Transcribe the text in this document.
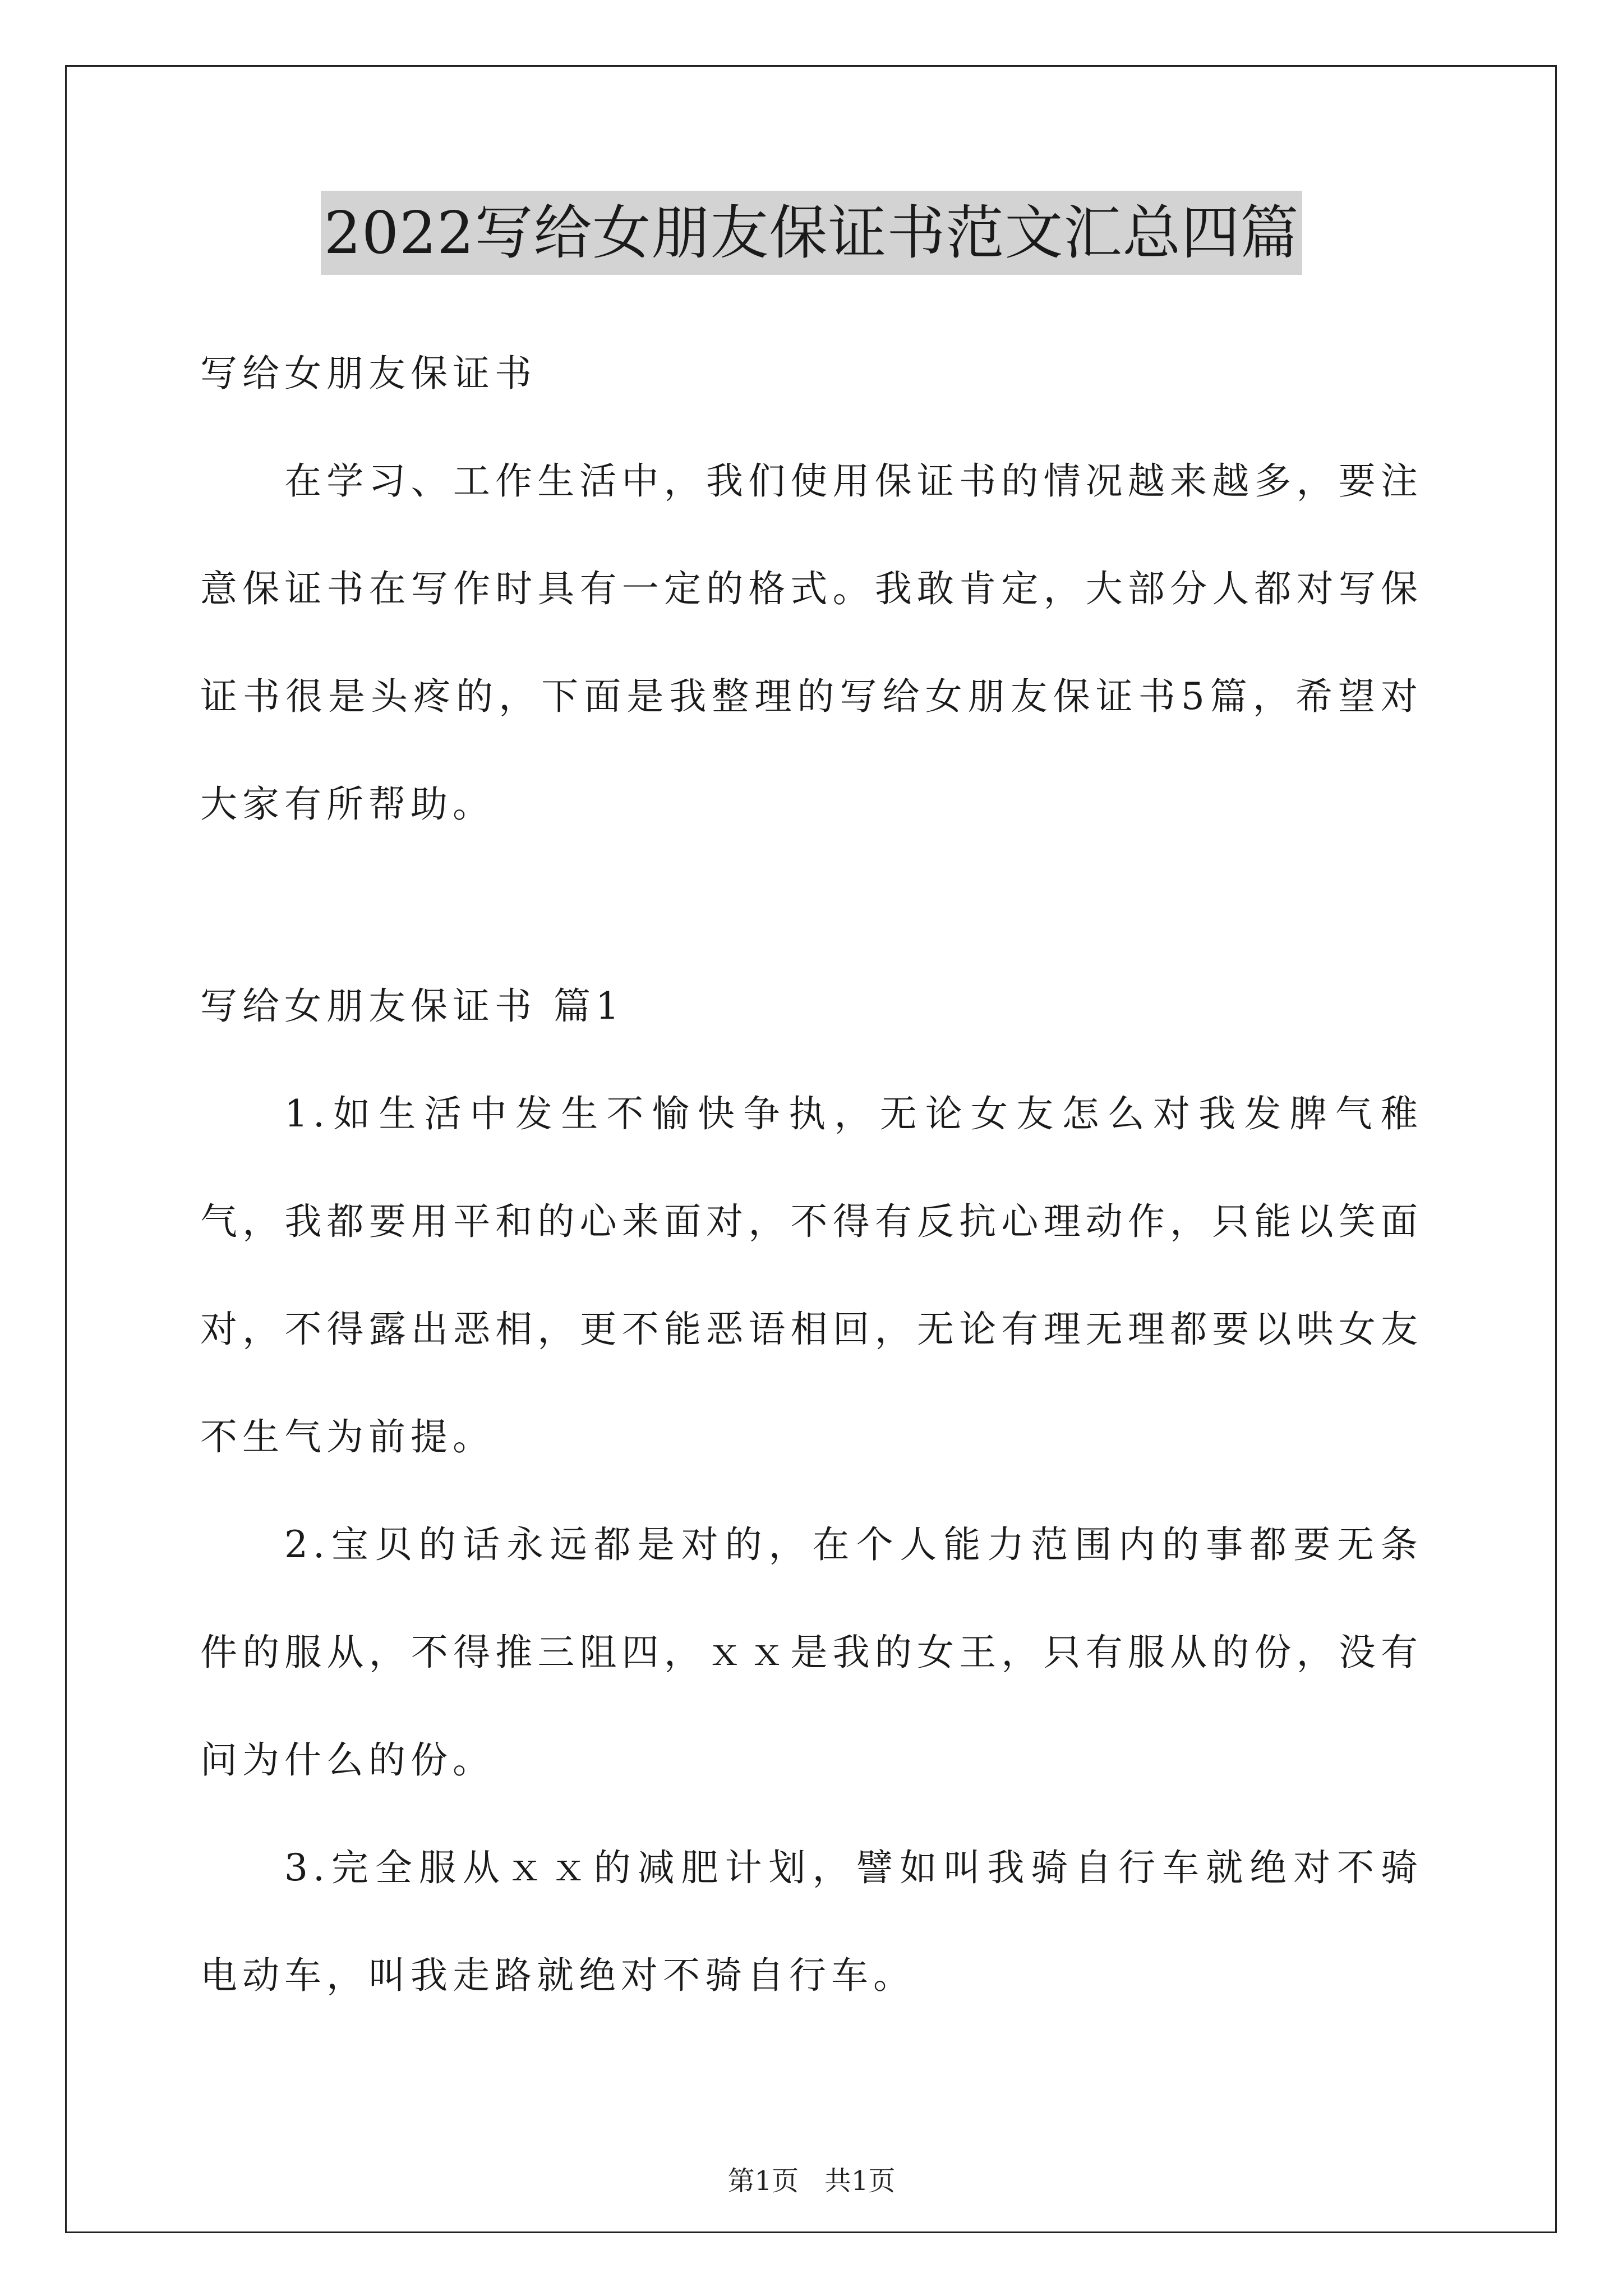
2022写给女朋友保证书范文汇总四篇

写给女朋友保证书

在学习、工作生活中，我们使用保证书的情况越来越多，要注意保证书在写作时具有一定的格式。我敢肯定，大部分人都对写保证书很是头疼的，下面是我整理的写给女朋友保证书5篇，希望对大家有所帮助。

写给女朋友保证书 篇1

1.如生活中发生不愉快争执，无论女友怎么对我发脾气稚气，我都要用平和的心来面对，不得有反抗心理动作，只能以笑面对，不得露出恶相，更不能恶语相回，无论有理无理都要以哄女友不生气为前提。

2.宝贝的话永远都是对的，在个人能力范围内的事都要无条件的服从，不得推三阻四，ｘｘ是我的女王，只有服从的份，没有问为什么的份。

3.完全服从ｘｘ的减肥计划，譬如叫我骑自行车就绝对不骑电动车，叫我走路就绝对不骑自行车。

第1页   共1页
